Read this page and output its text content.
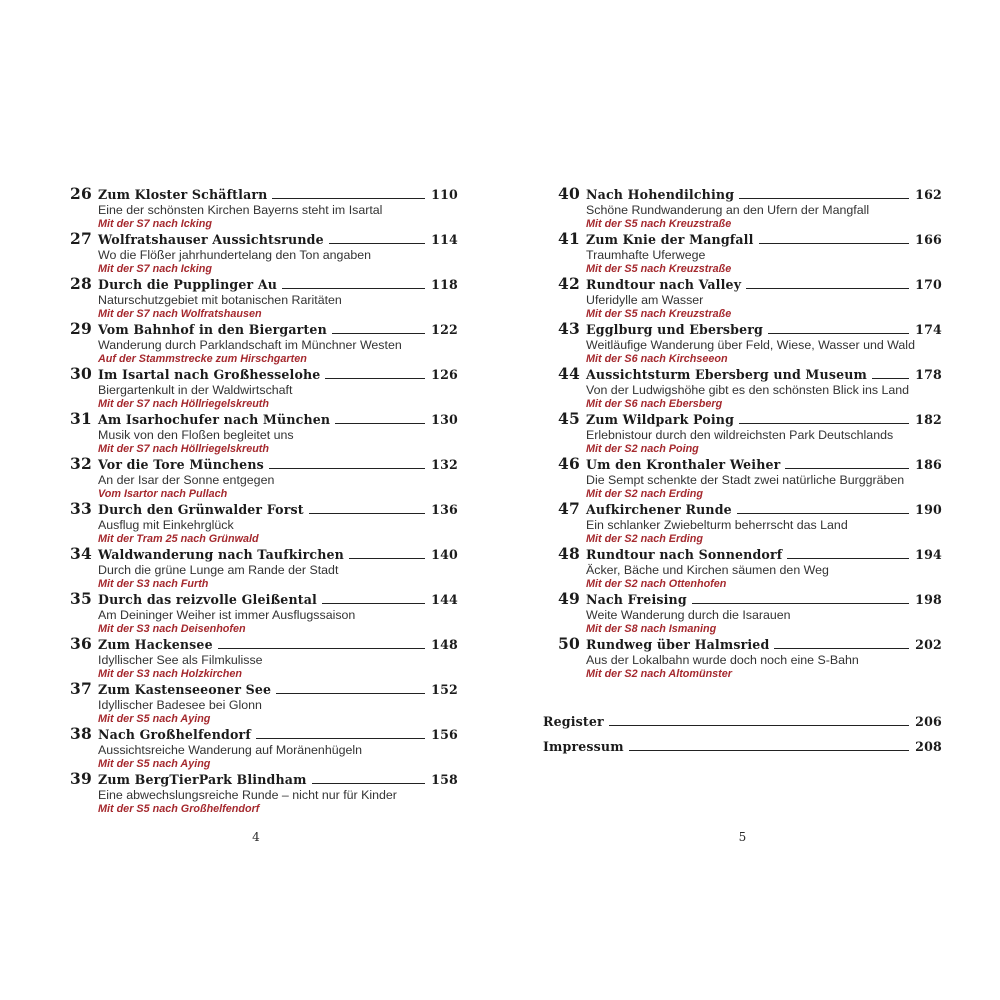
26 Zum Kloster Schäftlarn	110
Eine der schönsten Kirchen Bayerns steht im Isartal
Mit der S7 nach Icking
27 Wolfratshauser Aussichtsrunde	114
Wo die Flößer jahrhundertelang den Ton angaben
Mit der S7 nach Icking
28 Durch die Pupplinger Au	118
Naturschutzgebiet mit botanischen Raritäten
Mit der S7 nach Wolfratshausen
29 Vom Bahnhof in den Biergarten	122
Wanderung durch Parklandschaft im Münchner Westen
Auf der Stammstrecke zum Hirschgarten
30 Im Isartal nach Großhesselohe	126
Biergartenkult in der Waldwirtschaft
Mit der S7 nach Höllriegelskreuth
31 Am Isarhochufer nach München	130
Musik von den Floßen begleitet uns
Mit der S7 nach Höllriegelskreuth
32 Vor die Tore Münchens	132
An der Isar der Sonne entgegen
Vom Isartor nach Pullach
33 Durch den Grünwalder Forst	136
Ausflug mit Einkehrglück
Mit der Tram 25 nach Grünwald
34 Waldwanderung nach Taufkirchen	140
Durch die grüne Lunge am Rande der Stadt
Mit der S3 nach Furth
35 Durch das reizvolle Gleißental	144
Am Deininger Weiher ist immer Ausflugssaison
Mit der S3 nach Deisenhofen
36 Zum Hackensee	148
Idyllischer See als Filmkulisse
Mit der S3 nach Holzkirchen
37 Zum Kastenseeoner See	152
Idyllischer Badesee bei Glonn
Mit der S5 nach Aying
38 Nach Großhelfendorf	156
Aussichtsreiche Wanderung auf Moränenhügeln
Mit der S5 nach Aying
39 Zum BergTierPark Blindham	158
Eine abwechslungsreiche Runde – nicht nur für Kinder
Mit der S5 nach Großhelfendorf
40 Nach Hohendilching	162
Schöne Rundwanderung an den Ufern der Mangfall
Mit der S5 nach Kreuzstraße
41 Zum Knie der Mangfall	166
Traumhafte Uferwege
Mit der S5 nach Kreuzstraße
42 Rundtour nach Valley	170
Uferidylle am Wasser
Mit der S5 nach Kreuzstraße
43 Egglburg und Ebersberg	174
Weitläufige Wanderung über Feld, Wiese, Wasser und Wald
Mit der S6 nach Kirchseeon
44 Aussichtsturm Ebersberg und Museum	178
Von der Ludwigshöhe gibt es den schönsten Blick ins Land
Mit der S6 nach Ebersberg
45 Zum Wildpark Poing	182
Erlebnistour durch den wildreichsten Park Deutschlands
Mit der S2 nach Poing
46 Um den Kronthaler Weiher	186
Die Sempt schenkte der Stadt zwei natürliche Burggräben
Mit der S2 nach Erding
47 Aufkirchener Runde	190
Ein schlanker Zwiebelturm beherrscht das Land
Mit der S2 nach Erding
48 Rundtour nach Sonnendorf	194
Äcker, Bäche und Kirchen säumen den Weg
Mit der S2 nach Ottenhofen
49 Nach Freising	198
Weite Wanderung durch die Isarauen
Mit der S8 nach Ismaning
50 Rundweg über Halmsried	202
Aus der Lokalbahn wurde doch noch eine S-Bahn
Mit der S2 nach Altomünster
Register	206
Impressum	208
4	5
